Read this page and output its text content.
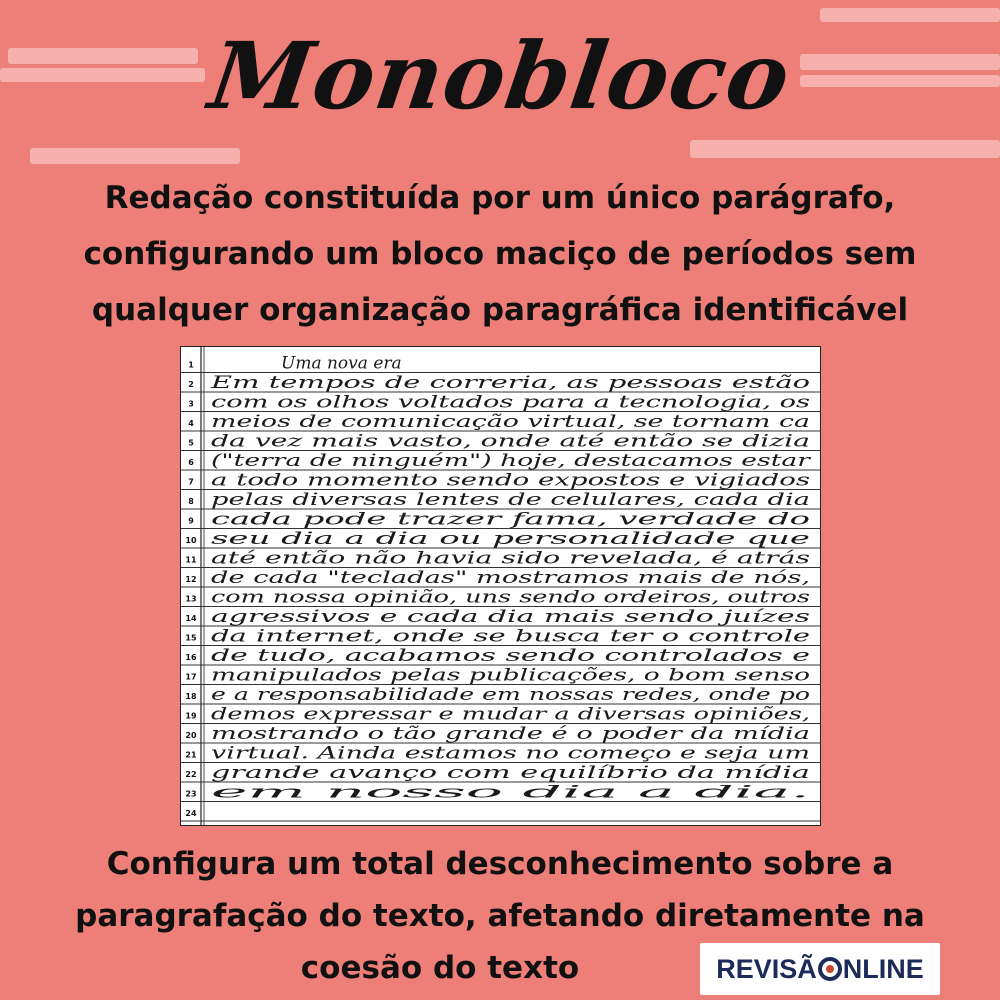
Monobloco
Redação constituída por um único parágrafo,
configurando um bloco maciço de períodos sem
qualquer organização paragráfica identificável
1	Uma nova era
2 Em tempos de correria, as pessoas estão
3 com os olhos voltados para a tecnologia, os
4 meios de comunicação virtual, se tornam ca
5 da vez mais vasto, onde até então se dizia
6 ("terra de ninguém") hoje, destacamos estar
7 a todo momento sendo expostos e vigiados
8 pelas diversas lentes de celulares, cada dia
9 cada pode trazer fama, verdade do
10 seu dia a dia ou personalidade que
11 até então não havia sido revelada, é atrás
12 de cada "tecladas" mostramos mais de nós,
13 com nossa opinião, uns sendo ordeiros, outros
14 agressivos e cada dia mais sendo juízes
15 da internet, onde se busca ter o controle
16 de tudo, acabamos sendo controlados e
17 manipulados pelas publicações, o bom senso
18 e a responsabilidade em nossas redes, onde po
19 demos expressar e mudar a diversas opiniões,
20 mostrando o tão grande é o poder da mídia
21 virtual. Ainda estamos no começo e seja um
22 grande avanço com equilíbrio da mídia
23 em nosso dia a dia.
24
Configura um total desconhecimento sobre a
paragrafação do texto, afetando diretamente na
coesão do texto	REVISÃ NLINE
